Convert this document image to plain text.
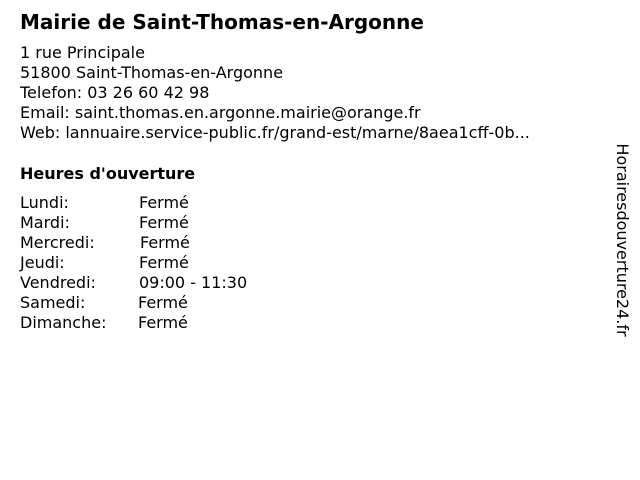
Mairie de Saint-Thomas-en-Argonne
1 rue Principale
51800 Saint-Thomas-en-Argonne
Telefon: 03 26 60 42 98
Email: saint.thomas.en.argonne.mairie@orange.fr
Web: lannuaire.service-public.fr/grand-est/marne/8aea1cff-0b...
Heures d'ouverture
Lundi:	Fermé
Mardi:	Fermé
Mercredi:	Fermé
Jeudi:	Fermé
Vendredi:	09:00 - 11:30
Samedi:	Fermé
Dimanche: Fermé	Horairesdouverture24.fr
